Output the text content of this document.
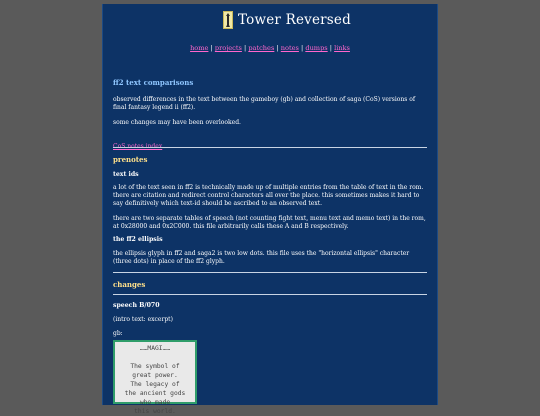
Tower Reversed
home | projects | patches | notes | dumps | links
ff2 text comparisons

observed differences in the text between the gameboy (gb) and collection of saga (CoS) versions of final fantasy legend ii (ff2).

some changes may have been overlooked.

CoS notes index
prenotes
text ids

a lot of the text seen in ff2 is technically made up of multiple entries from the table of text in the rom. there are citation and redirect control characters all over the place. this sometimes makes it hard to say definitively which text-id should be ascribed to an observed text.

there are two separate tables of speech (not counting fight text, menu text and memo text) in the rom, at 0x28000 and 0x2C000. this file arbitrarily calls these A and B respectively.

the ff2 ellipsis

the ellipsis glyph in ff2 and saga2 is two low dots. this file uses the "horizontal ellipsis" character (three dots) in place of the ff2 glyph.

changes
speech B/070

(intro text: excerpt)

gb:

……MAGI……

The symbol of
great power.
The legacy of
the ancient gods
who made
this world.
